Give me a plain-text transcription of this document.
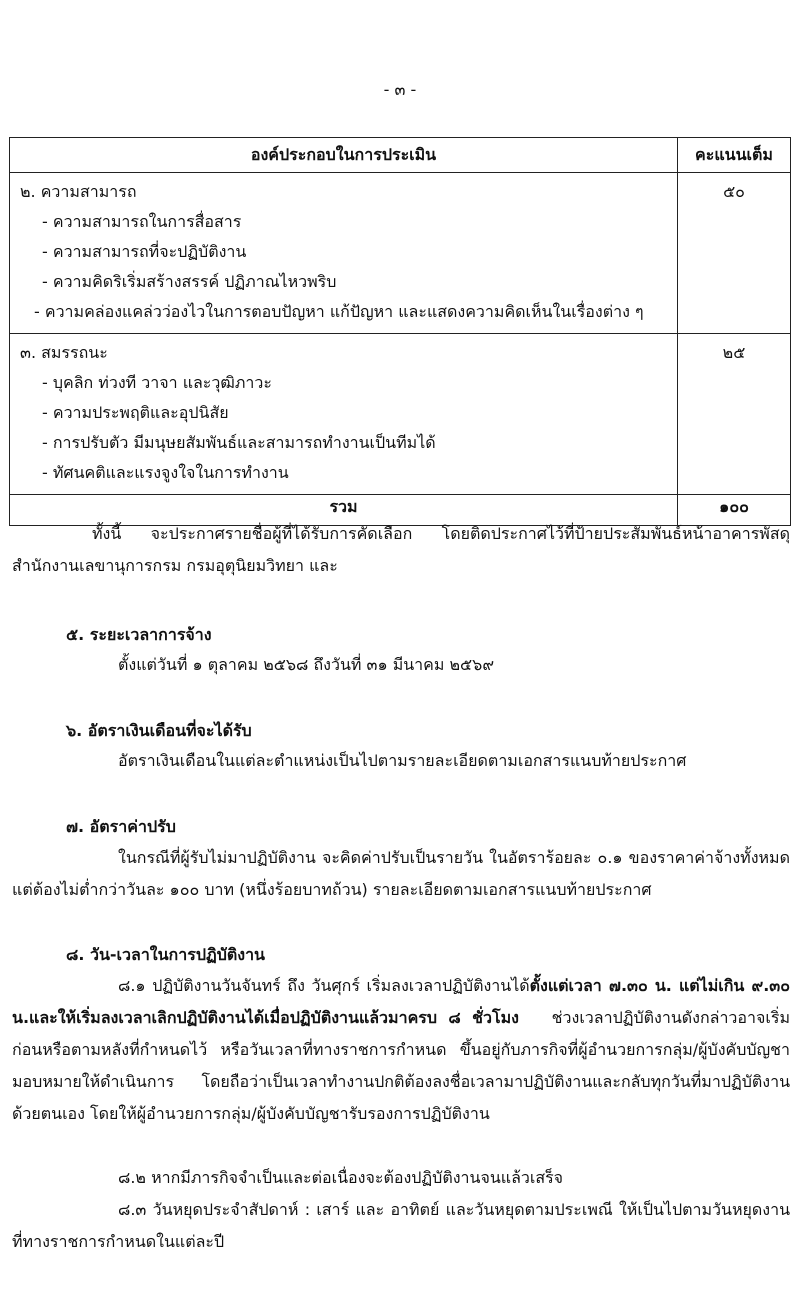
- ๓ -
องค์ประกอบในการประเมิน	คะแนนเต็ม

๒. ความสามารถ
- ความสามารถในการสื่อสาร
- ความสามารถที่จะปฏิบัติงาน
- ความคิดริเริ่มสร้างสรรค์ ปฏิภาณไหวพริบ
- ความคล่องแคล่วว่องไวในการตอบปัญหา แก้ปัญหา และแสดงความคิดเห็นในเรื่องต่าง ๆ	๕๐

๓. สมรรถนะ
- บุคลิก ท่วงที วาจา และวุฒิภาวะ
- ความประพฤติและอุปนิสัย
- การปรับตัว มีมนุษยสัมพันธ์และสามารถทำงานเป็นทีมได้
- ทัศนคติและแรงจูงใจในการทำงาน	๒๕

รวม	๑๐๐

ทั้งนี้ จะประกาศรายชื่อผู้ที่ได้รับการคัดเลือก โดยติดประกาศไว้ที่ป้ายประสัมพันธ์หน้าอาคารพัสดุ สำนักงานเลขานุการกรม กรมอุตุนิยมวิทยา และ

๕. ระยะเวลาการจ้าง
ตั้งแต่วันที่ ๑ ตุลาคม ๒๕๖๘ ถึงวันที่ ๓๑ มีนาคม ๒๕๖๙
๖. อัตราเงินเดือนที่จะได้รับ
อัตราเงินเดือนในแต่ละตำแหน่งเป็นไปตามรายละเอียดตามเอกสารแนบท้ายประกาศ
๗. อัตราค่าปรับ

ในกรณีที่ผู้รับไม่มาปฏิบัติงาน จะคิดค่าปรับเป็นรายวัน ในอัตราร้อยละ ๐.๑ ของราคาค่าจ้างทั้งหมด แต่ต้องไม่ต่ำกว่าวันละ ๑๐๐ บาท (หนึ่งร้อยบาทถ้วน) รายละเอียดตามเอกสารแนบท้ายประกาศ

๘. วัน-เวลาในการปฏิบัติงาน

๘.๑ ปฏิบัติงานวันจันทร์ ถึง วันศุกร์ เริ่มลงเวลาปฏิบัติงานได้ตั้งแต่เวลา ๗.๓๐ น. แต่ไม่เกิน ๙.๓๐ น.และให้เริ่มลงเวลาเลิกปฏิบัติงานได้เมื่อปฏิบัติงานแล้วมาครบ ๘ ชั่วโมง ช่วงเวลาปฏิบัติงานดังกล่าวอาจเริ่มก่อนหรือตามหลังที่กำหนดไว้ หรือวันเวลาที่ทางราชการกำหนด ขึ้นอยู่กับภารกิจที่ผู้อำนวยการกลุ่ม/ผู้บังคับบัญชามอบหมายให้ดำเนินการ โดยถือว่าเป็นเวลาทำงานปกติต้องลงชื่อเวลามาปฏิบัติงานและกลับทุกวันที่มาปฏิบัติงานด้วยตนเอง โดยให้ผู้อำนวยการกลุ่ม/ผู้บังคับบัญชารับรองการปฏิบัติงาน

๘.๒ หากมีภารกิจจำเป็นและต่อเนื่องจะต้องปฏิบัติงานจนแล้วเสร็จ

๘.๓ วันหยุดประจำสัปดาห์ : เสาร์ และ อาทิตย์ และวันหยุดตามประเพณี ให้เป็นไปตามวันหยุดงานที่ทางราชการกำหนดในแต่ละปี
